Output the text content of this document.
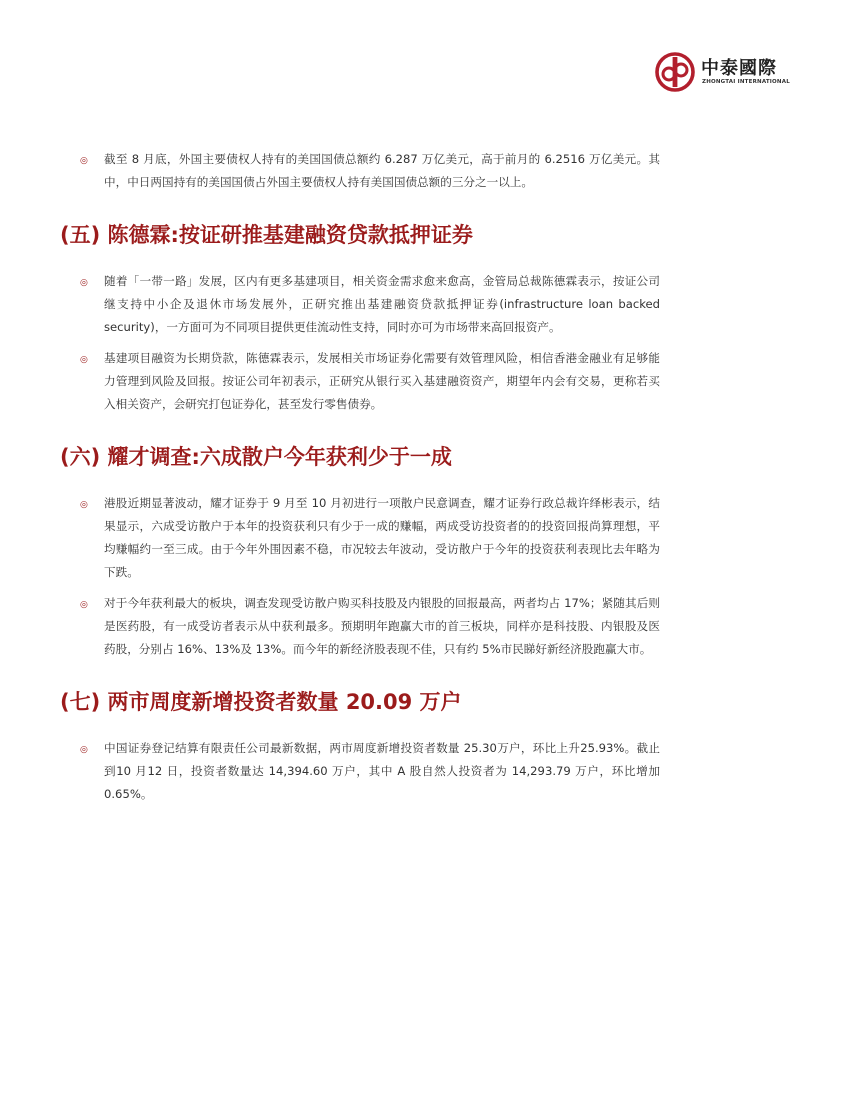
中泰國際
ZHONGTAI INTERNATIONAL
◎ 截至 8 月底，外国主要债权人持有的美国国债总额约 6.287 万亿美元，高于前月的 6.2516 万亿美元。其中，中日两国持有的美国国债占外国主要债权人持有美国国债总额的三分之一以上。
(五) 陈德霖:按证研推基建融资贷款抵押证券
◎ 随着「一带一路」发展，区内有更多基建项目，相关资金需求愈来愈高，金管局总裁陈德霖表示，按证公司继支持中小企及退休市场发展外，正研究推出基建融资贷款抵押证券(infrastructure loan backed security)，一方面可为不同项目提供更佳流动性支持，同时亦可为市场带来高回报资产。
◎ 基建项目融资为长期贷款，陈德霖表示，发展相关市场证券化需要有效管理风险，相信香港金融业有足够能力管理到风险及回报。按证公司年初表示，正研究从银行买入基建融资资产，期望年内会有交易，更称若买入相关资产，会研究打包证券化，甚至发行零售债券。
(六) 耀才调查:六成散户今年获利少于一成
◎ 港股近期显著波动，耀才证券于 9 月至 10 月初进行一项散户民意调查，耀才证券行政总裁许绎彬表示，结果显示，六成受访散户于本年的投资获利只有少于一成的赚幅，两成受访投资者的的投资回报尚算理想，平均赚幅约一至三成。由于今年外围因素不稳，市况较去年波动，受访散户于今年的投资获利表现比去年略为下跌。
◎ 对于今年获利最大的板块，调查发现受访散户购买科技股及内银股的回报最高，两者均占 17%；紧随其后则是医药股，有一成受访者表示从中获利最多。预期明年跑赢大市的首三板块，同样亦是科技股、内银股及医药股，分别占 16%、13%及 13%。而今年的新经济股表现不佳，只有约 5%市民睇好新经济股跑赢大市。
(七) 两市周度新增投资者数量 20.09 万户
◎ 中国证券登记结算有限责任公司最新数据，两市周度新增投资者数量 25.30万户，环比上升25.93%。截止到10 月12 日，投资者数量达 14,394.60 万户，其中 A 股自然人投资者为 14,293.79 万户，环比增加 0.65%。
